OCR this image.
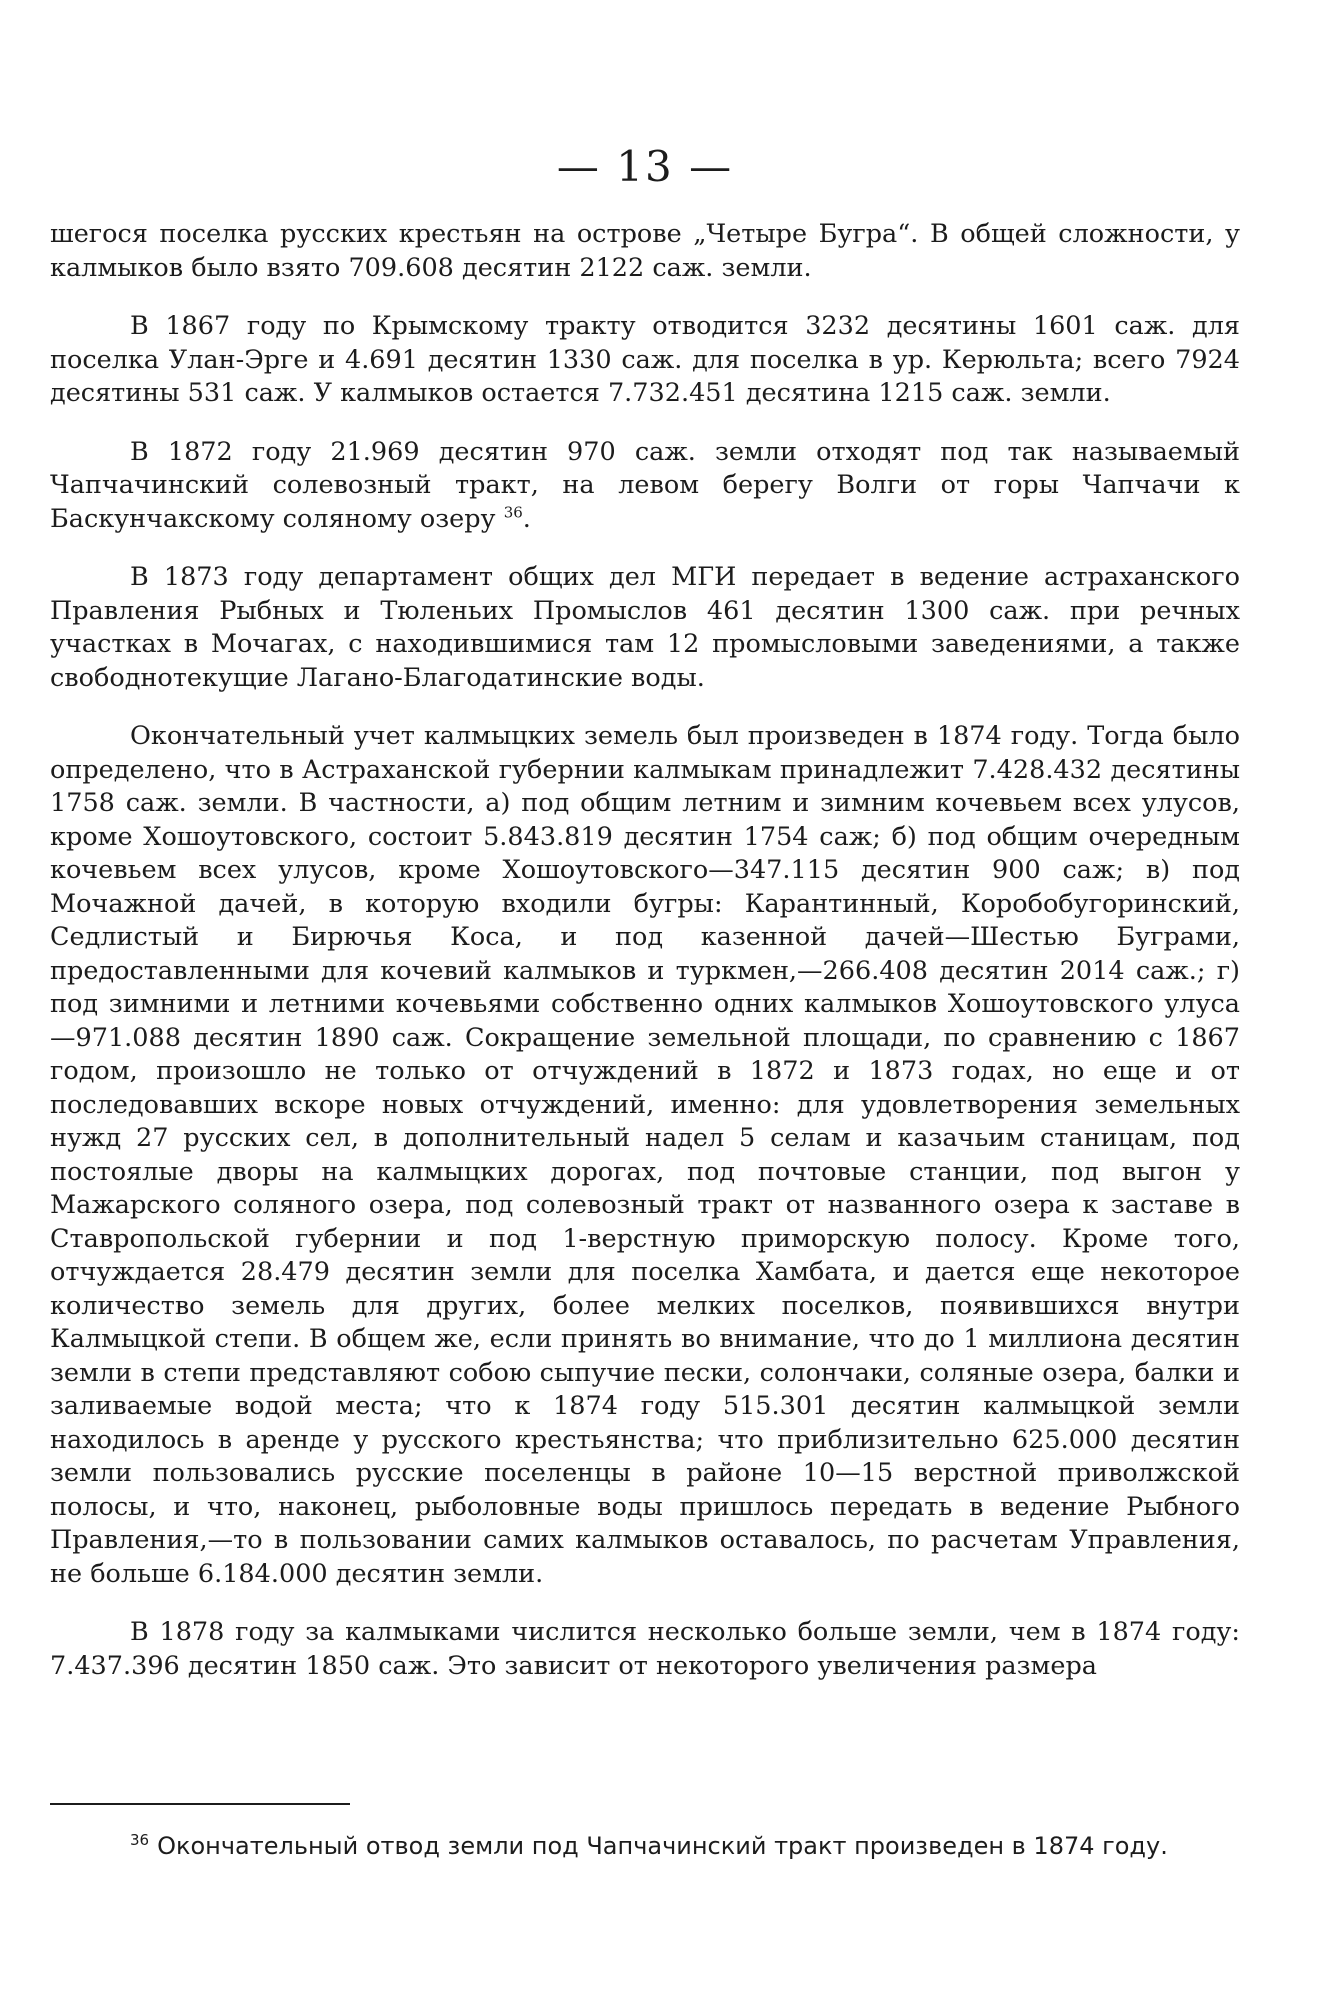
— 13 —

шегося поселка русских крестьян на острове „Четыре Бугра“. В общей сложности, у калмыков было взято 709.608 десятин 2122 саж. земли.

В 1867 году по Крымскому тракту отводится 3232 десятины 1601 саж. для поселка Улан-Эрге и 4.691 десятин 1330 саж. для поселка в ур. Керюльта; всего 7924 десятины 531 саж. У калмыков остается 7.732.451 десятина 1215 саж. земли.

В 1872 году 21.969 десятин 970 саж. земли отходят под так называемый Чапчачинский солевозный тракт, на левом берегу Волги от горы Чапчачи к Баскунчакскому соляному озеру $^{36}$.

В 1873 году департамент общих дел МГИ передает в ведение астраханского Правления Рыбных и Тюленьих Промыслов 461 десятин 1300 саж. при речных участках в Мочагах, с находившимися там 12 промысловыми заведениями, а также свободнотекущие Лагано-Благодатинские воды.

Окончательный учет калмыцких земель был произведен в 1874 году. Тогда было определено, что в Астраханской губернии калмыкам принадлежит 7.428.432 десятины 1758 саж. земли. В частности, а) под общим летним и зимним кочевьем всех улусов, кроме Хошоутовского, состоит 5.843.819 десятин 1754 саж; б) под общим очередным кочевьем всех улусов, кроме Хошоутовского—347.115 десятин 900 саж; в) под Мочажной дачей, в которую входили бугры: Карантинный, Коробобугоринский, Седлистый и Бирючья Коса, и под казенной дачей—Шестью Буграми, предоставленными для кочевий калмыков и туркмен,—266.408 десятин 2014 саж.; г) под зимними и летними кочевьями собственно одних калмыков Хошоутовского улуса—971.088 десятин 1890 саж. Сокращение земельной площади, по сравнению с 1867 годом, произошло не только от отчуждений в 1872 и 1873 годах, но еще и от последовавших вскоре новых отчуждений, именно: для удовлетворения земельных нужд 27 русских сел, в дополнительный надел 5 селам и казачьим станицам, под постоялые дворы на калмыцких дорогах, под почтовые станции, под выгон у Мажарского соляного озера, под солевозный тракт от названного озера к заставе в Ставропольской губернии и под 1-верстную приморскую полосу. Кроме того, отчуждается 28.479 десятин земли для поселка Хамбата, и дается еще некоторое количество земель для других, более мелких поселков, появившихся внутри Калмыцкой степи. В общем же, если принять во внимание, что до 1 миллиона десятин земли в степи представляют собою сыпучие пески, солончаки, соляные озера, балки и заливаемые водой места; что к 1874 году 515.301 десятин калмыцкой земли находилось в аренде у русского крестьянства; что приблизительно 625.000 десятин земли пользовались русские поселенцы в районе 10—15 верстной приволжской полосы, и что, наконец, рыболовные воды пришлось передать в ведение Рыбного Правления,—то в пользовании самих калмыков оставалось, по расчетам Управления, не больше 6.184.000 десятин земли.

В 1878 году за калмыками числится несколько больше земли, чем в 1874 году: 7.437.396 десятин 1850 саж. Это зависит от некоторого увеличения размера

$^{36}$ Окончательный отвод земли под Чапчачинский тракт произведен в 1874 году.
